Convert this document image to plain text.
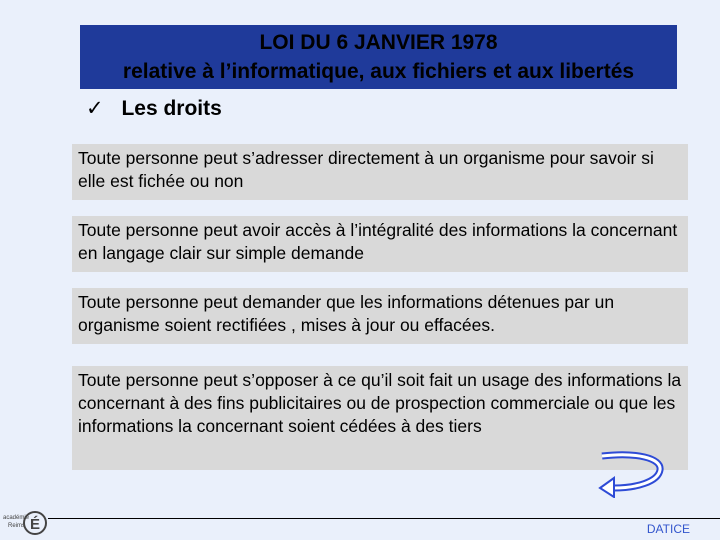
LOI DU 6 JANVIER 1978
relative à l’informatique, aux fichiers et aux libertés
✓ Les droits
Toute personne peut s’adresser directement à un organisme pour savoir si elle est fichée ou non
Toute personne peut avoir accès à l’intégralité des informations la concernant en langage clair sur simple demande
Toute personne peut demander que les informations détenues par un organisme soient rectifiées , mises à jour ou effacées.
Toute personne peut s’opposer à ce qu’il soit fait un usage des informations la concernant à des fins publicitaires ou de prospection commerciale ou que les informations la concernant soient cédées à des tiers
É
académie
Reims	DATICE
